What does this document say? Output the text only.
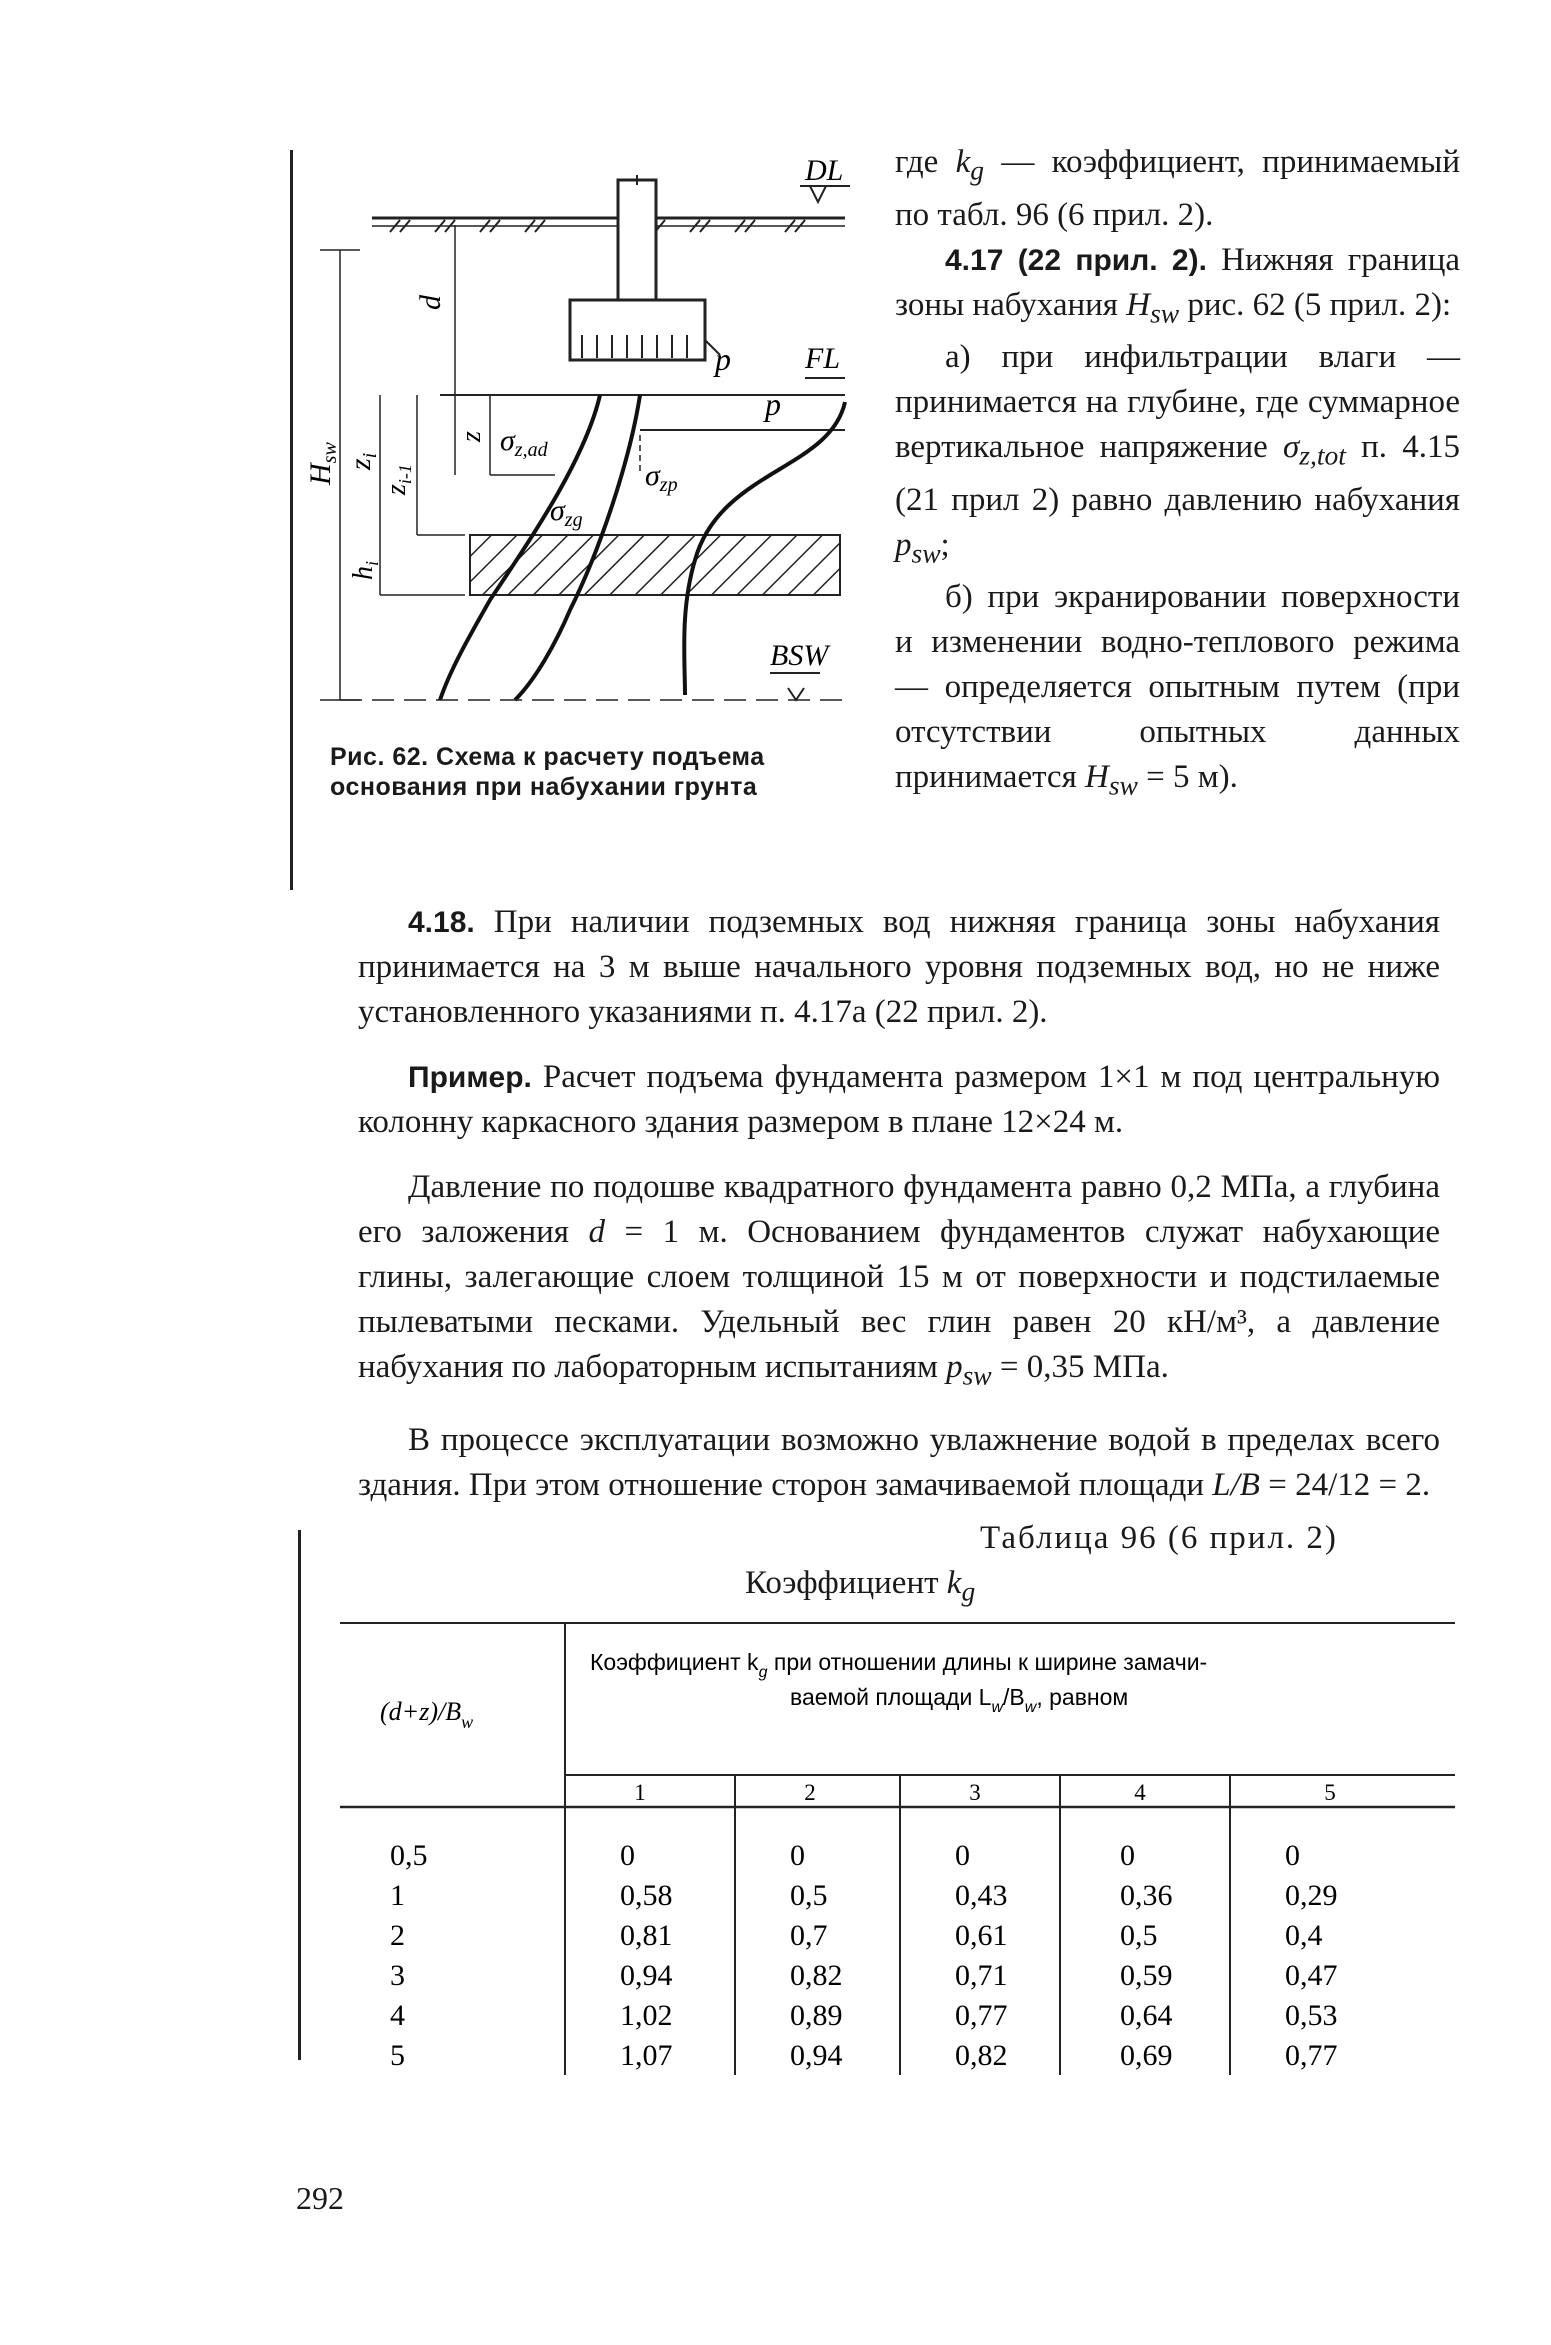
DL
p FL
p
BSW
d
z
$H_{sw}$
$z_i$
$z_{i-1}$
$h_i$
$\sigma_{z,ad}$
$\sigma_{zp}$
$\sigma_{zg}$
Рис. 62. Схема к расчету подъема основания при набухании грунта

где $k_g$ — коэффициент, принимаемый по табл. 96 (6 прил. 2).

4.17 (22 прил. 2). Нижняя граница зоны набухания $H_{sw}$ рис. 62 (5 прил. 2):

а) при инфильтрации влаги — принимается на глубине, где суммарное вертикальное напряжение $\sigma_{z,tot}$ п. 4.15 (21 прил 2) равно давлению набухания $p_{sw}$;

б) при экранировании поверхности и изменении водно-теплового режима — определяется опытным путем (при отсутствии опытных данных принимается $H_{sw} = 5$ м).

4.18. При наличии подземных вод нижняя граница зоны набухания принимается на 3 м выше начального уровня подземных вод, но не ниже установленного указаниями п. 4.17а (22 прил. 2).

Пример. Расчет подъема фундамента размером 1×1 м под центральную колонну каркасного здания размером в плане 12×24 м.

Давление по подошве квадратного фундамента равно 0,2 МПа, а глубина его заложения d = 1 м. Основанием фундаментов служат набухающие глины, залегающие слоем толщиной 15 м от поверхности и подстилаемые пылеватыми песками. Удельный вес глин равен 20 кН/м³, а давление набухания по лабораторным испытаниям $p_{sw} = 0,35$ МПа.

В процессе эксплуатации возможно увлажнение водой в пределах всего здания. При этом отношение сторон замачиваемой площади L/B = 24/12 = 2.

Таблица 96 (6 прил. 2)
Коэффициент $k_g$
$(d+z)/B_w$
Коэффициент $k_g$ при отношении длины к ширине замачи-
ваемой площади $L_w/B_w$, равном
1	2	3	4	5
0,5	0	0	0	0	0
1	0,58	0,5	0,43	0,36	0,29
2	0,81	0,7	0,61	0,5	0,4
3	0,94	0,82	0,71	0,59	0,47
4	1,02	0,89	0,77	0,64	0,53
5	1,07	0,94	0,82	0,69	0,77
292
